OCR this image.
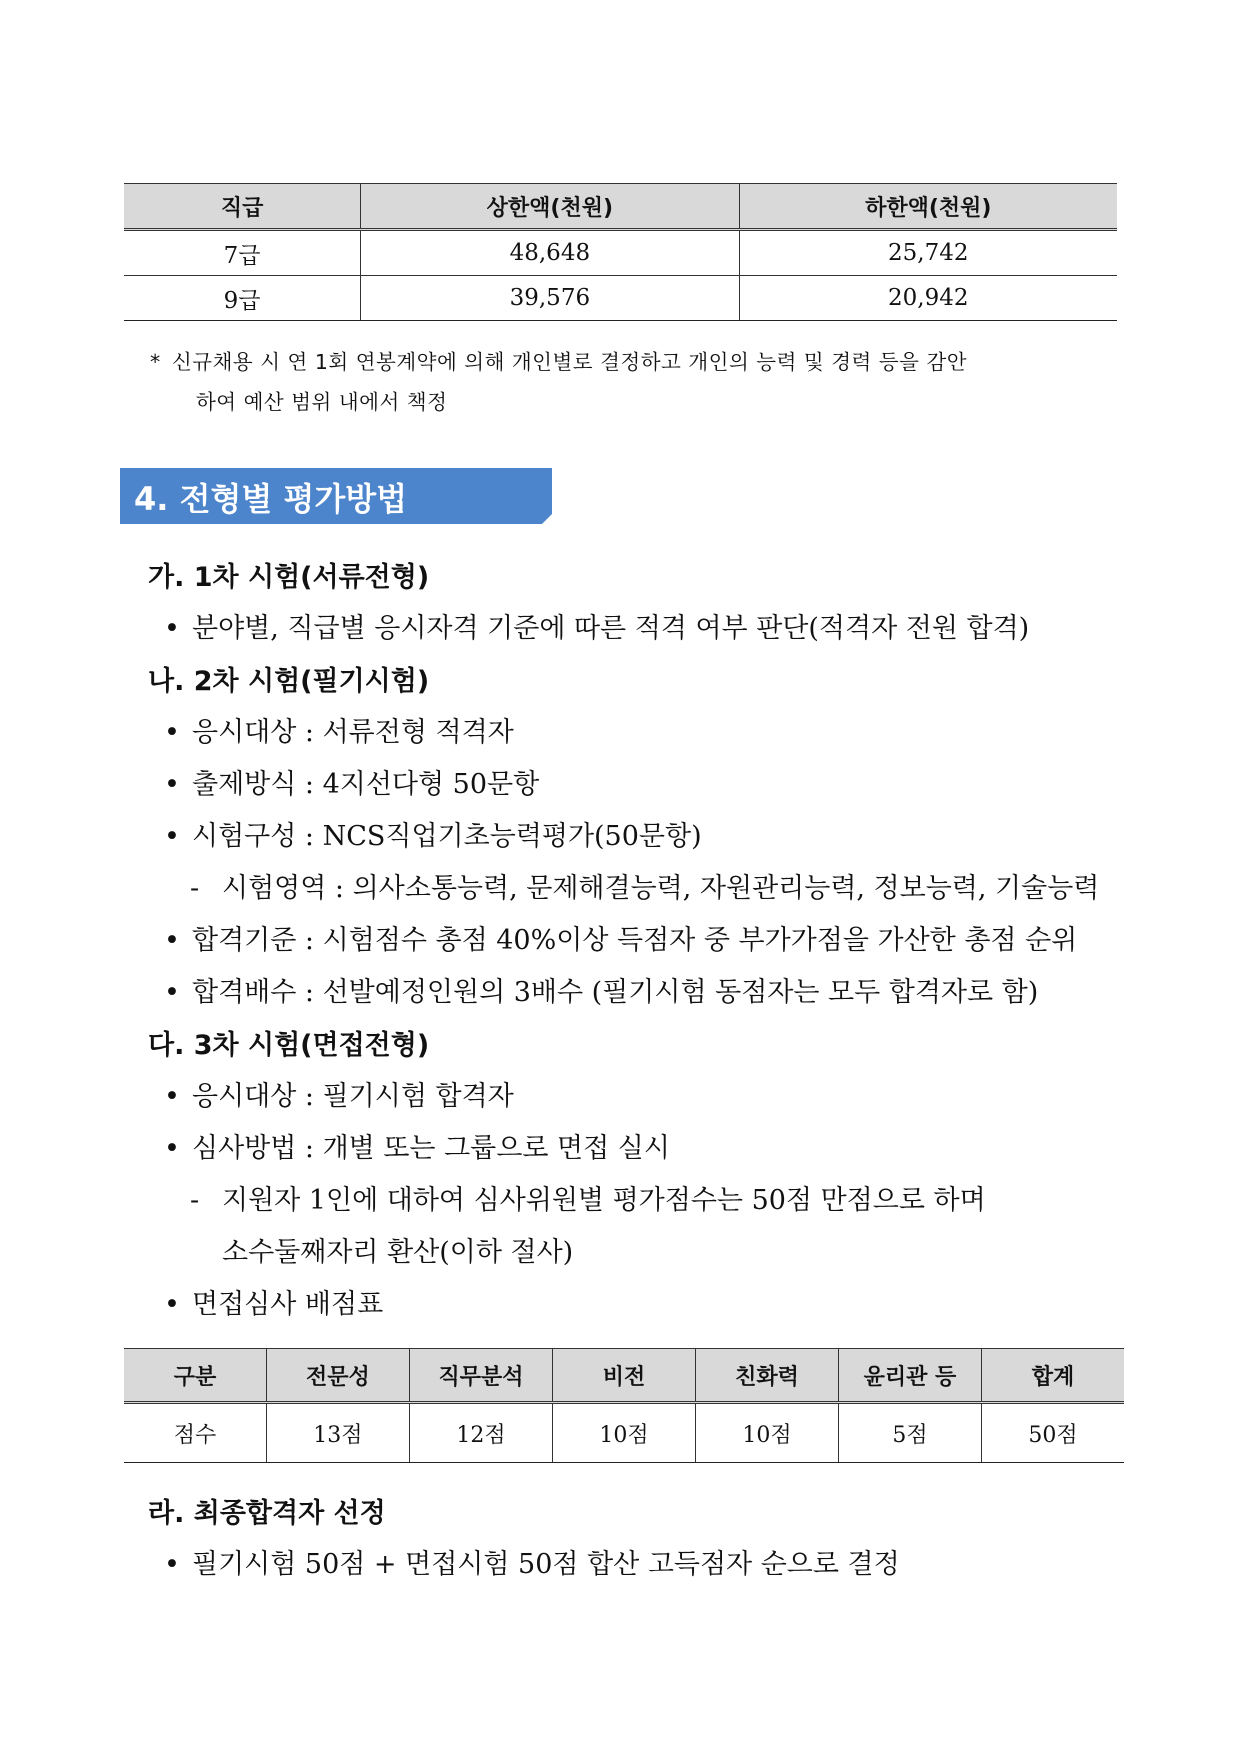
직급	상한액(천원)	하한액(천원)
7급	48,648	25,742
9급	39,576	20,942
* 신규채용 시 연 1회 연봉계약에 의해 개인별로 결정하고 개인의 능력 및 경력 등을 감안
하여 예산 범위 내에서 책정
4. 전형별 평가방법
가. 1차 시험(서류전형)
• 분야별, 직급별 응시자격 기준에 따른 적격 여부 판단(적격자 전원 합격)
나. 2차 시험(필기시험)
• 응시대상 : 서류전형 적격자
• 출제방식 : 4지선다형 50문항
• 시험구성 : NCS직업기초능력평가(50문항)
- 시험영역 : 의사소통능력, 문제해결능력, 자원관리능력, 정보능력, 기술능력
• 합격기준 : 시험점수 총점 40%이상 득점자 중 부가가점을 가산한 총점 순위
• 합격배수 : 선발예정인원의 3배수 (필기시험 동점자는 모두 합격자로 함)
다. 3차 시험(면접전형)
• 응시대상 : 필기시험 합격자
• 심사방법 : 개별 또는 그룹으로 면접 실시
- 지원자 1인에 대하여 심사위원별 평가점수는 50점 만점으로 하며
소수둘째자리 환산(이하 절사)
• 면접심사 배점표
구분	전문성	직무분석	비전	친화력	윤리관 등	합계
점수	13점	12점	10점	10점	5점	50점
라. 최종합격자 선정
• 필기시험 50점 + 면접시험 50점 합산 고득점자 순으로 결정
